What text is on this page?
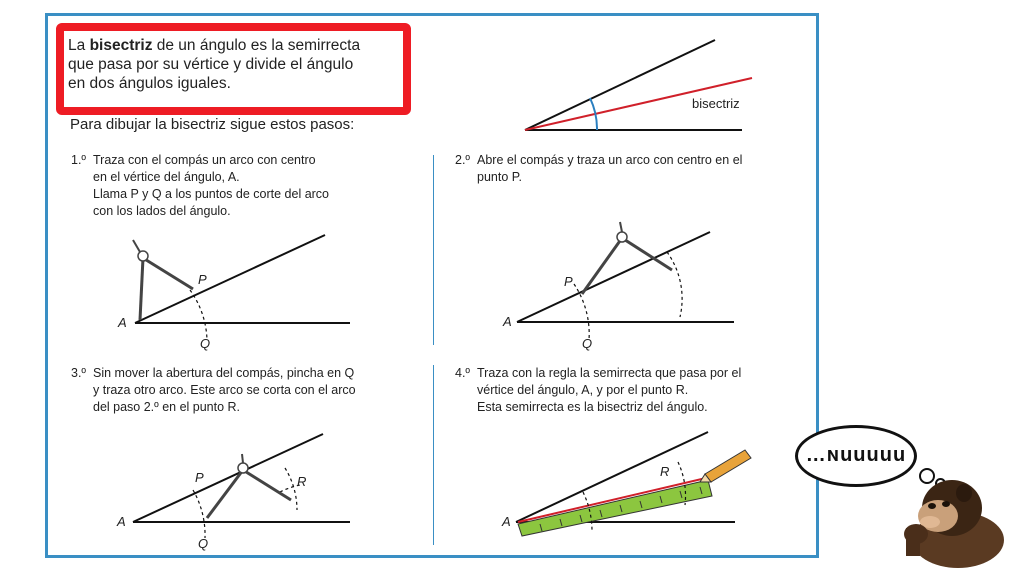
La bisectriz de un ángulo es la semirrecta
que pasa por su vértice y divide el ángulo
en dos ángulos iguales.
Para dibujar la bisectriz sigue estos pasos:
bisectriz
1.º Traza con el compás un arco con centro
en el vértice del ángulo, A.
Llama P y Q a los puntos de corte del arco
con los lados del ángulo.
A
P
Q
2.º Abre el compás y traza un arco con centro en el
punto P.
A
P
Q
3.º Sin mover la abertura del compás, pincha en Q
y traza otro arco. Este arco se corta con el arco
del paso 2.º en el punto R.
A
P	R
Q
4.º Traza con la regla la semirrecta que pasa por el
vértice del ángulo, A, y por el punto R.
Esta semirrecta es la bisectriz del ángulo.
A
R
…ɴuuuuu
